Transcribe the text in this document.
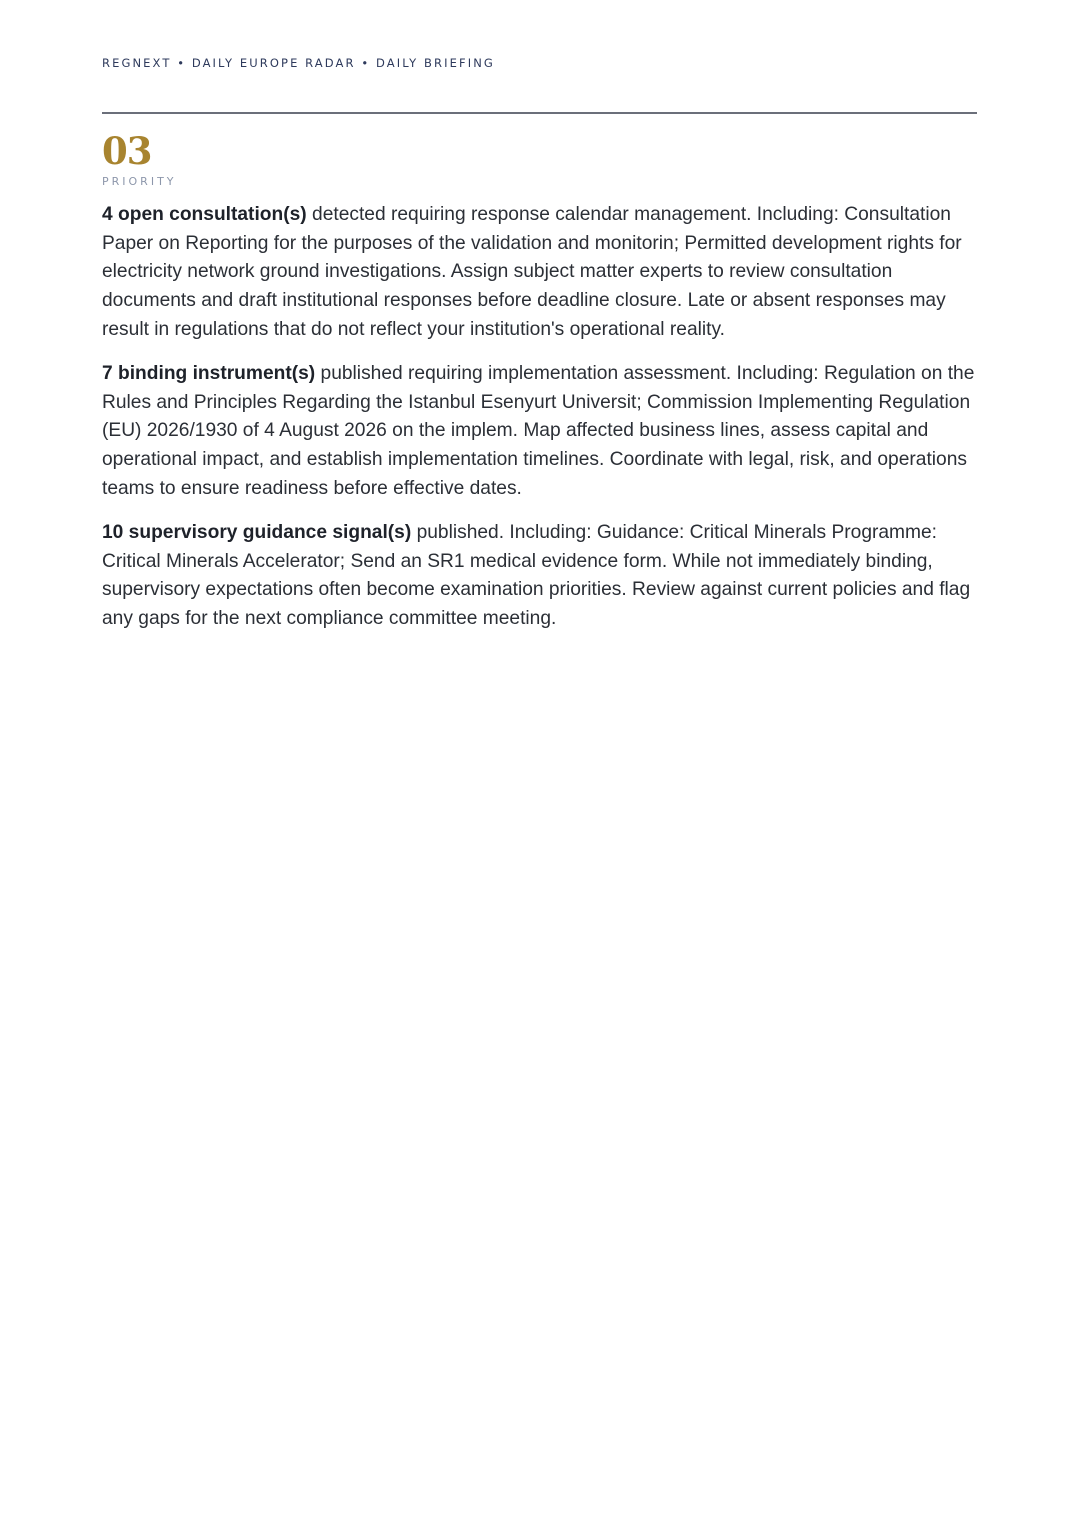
REGNEXT • DAILY EUROPE RADAR • DAILY BRIEFING
03
PRIORITY

4 open consultation(s) detected requiring response calendar management. Including: Consultation Paper on Reporting for the purposes of the validation and monitorin; Permitted development rights for electricity network ground investigations. Assign subject matter experts to review consultation documents and draft institutional responses before deadline closure. Late or absent responses may result in regulations that do not reflect your institution's operational reality.

7 binding instrument(s) published requiring implementation assessment. Including: Regulation on the Rules and Principles Regarding the Istanbul Esenyurt Universit; Commission Implementing Regulation (EU) 2026/1930 of 4 August 2026 on the implem. Map affected business lines, assess capital and operational impact, and establish implementation timelines. Coordinate with legal, risk, and operations teams to ensure readiness before effective dates.

10 supervisory guidance signal(s) published. Including: Guidance: Critical Minerals Programme: Critical Minerals Accelerator; Send an SR1 medical evidence form. While not immediately binding, supervisory expectations often become examination priorities. Review against current policies and flag any gaps for the next compliance committee meeting.
